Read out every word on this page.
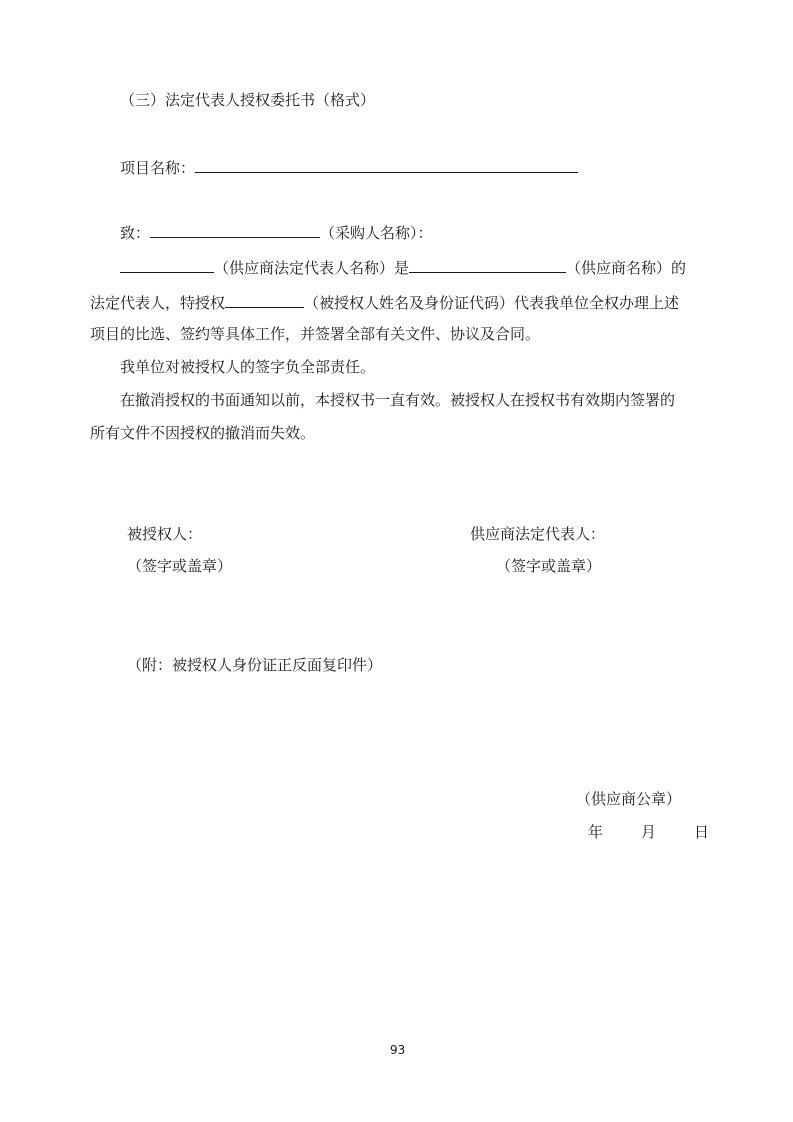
（三）法定代表人授权委托书（格式）
项目名称：
致：	（采购人名称）：
（供应商法定代表人名称）是	（供应商名称）的
法定代表人，特授权	（被授权人姓名及身份证代码）代表我单位全权办理上述
项目的比选、签约等具体工作，并签署全部有关文件、协议及合同。
我单位对被授权人的签字负全部责任。
在撤消授权的书面通知以前，本授权书一直有效。被授权人在授权书有效期内签署的
所有文件不因授权的撤消而失效。
被授权人：
（签字或盖章）
供应商法定代表人：
（签字或盖章）
（附：被授权人身份证正反面复印件）
（供应商公章）
年	月	日
93
